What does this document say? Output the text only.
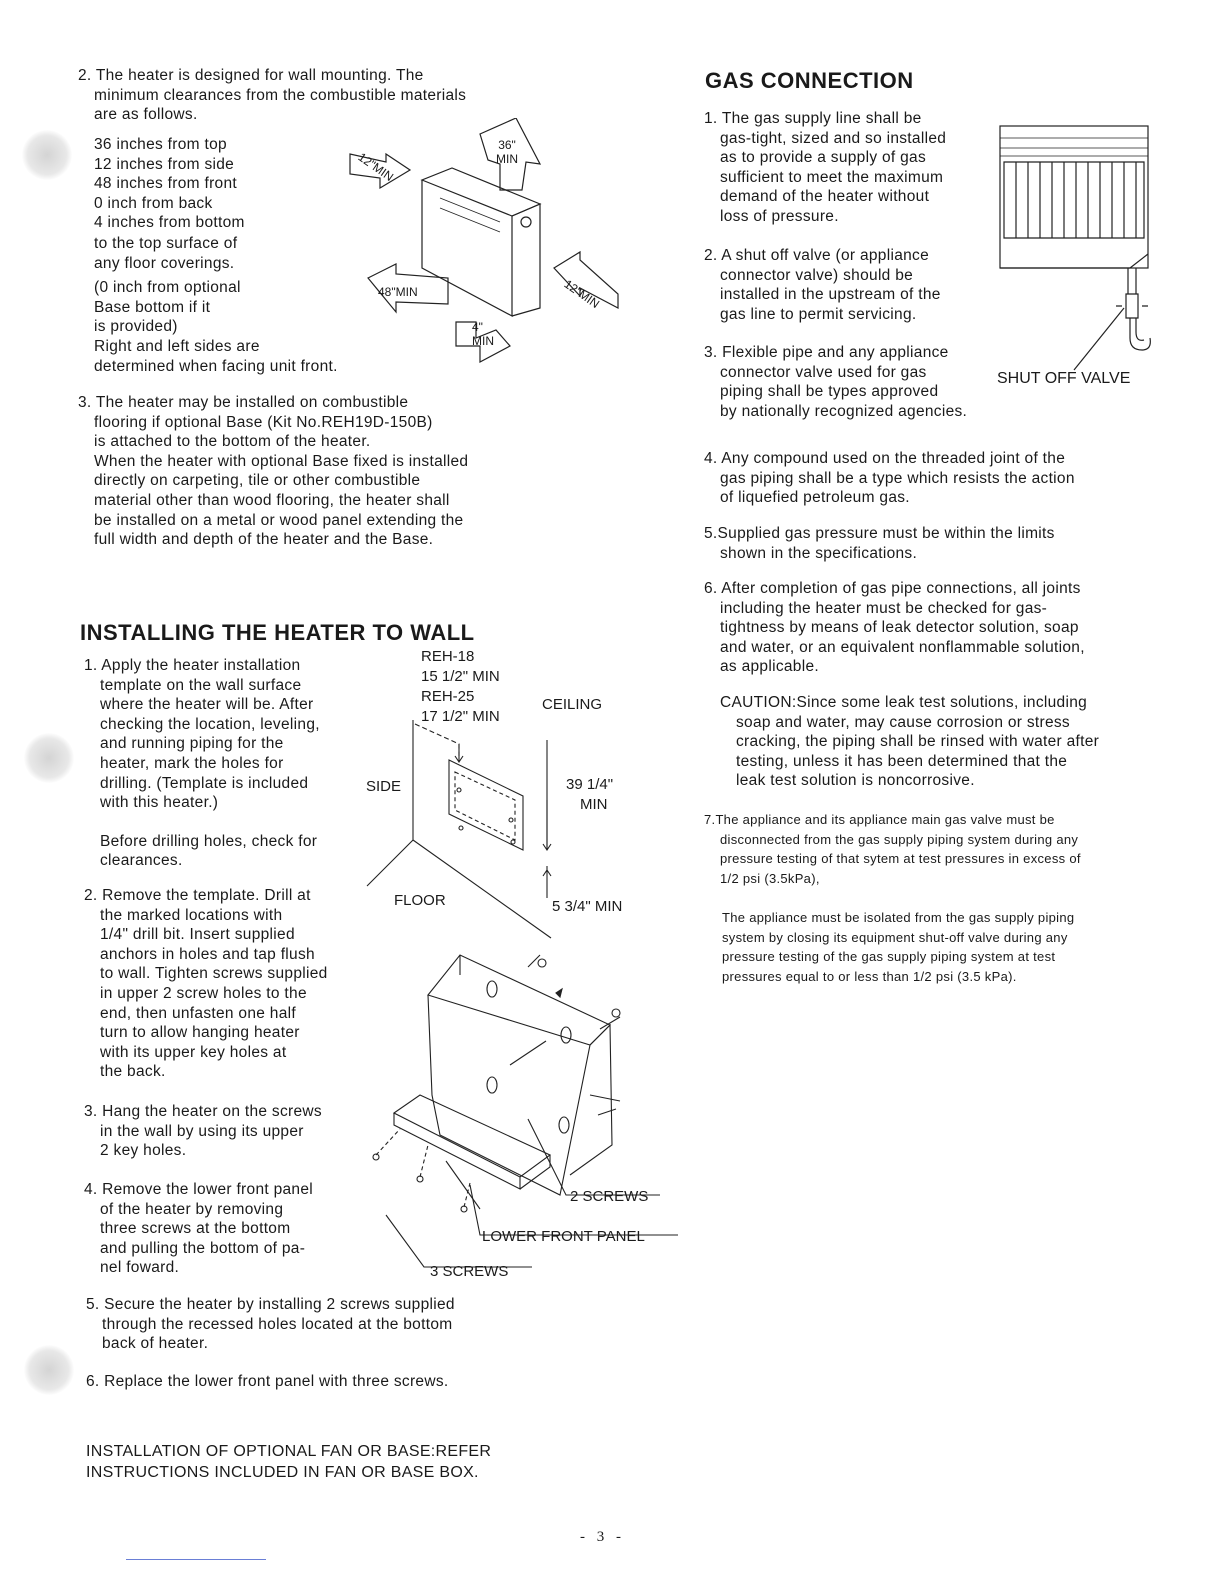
2. The heater is designed for wall mounting. The
minimum clearances from the combustible materials
are as follows.
36 inches from top
12 inches from side
48 inches from front
0 inch from back
4 inches from bottom
to the top surface of
any floor coverings.
(0 inch from optional
Base bottom if it
is provided)
Right and left sides are
determined when facing unit front.
36"
MIN
12"MIN
12"MIN
48"MIN
4"
MIN
3. The heater may be installed on combustible
flooring if optional Base (Kit No.REH19D-150B)
is attached to the bottom of the heater.
When the heater with optional Base fixed is installed
directly on carpeting, tile or other combustible
material other than wood flooring, the heater shall
be installed on a metal or wood panel extending the
full width and depth of the heater and the Base.
INSTALLING THE HEATER TO WALL
1. Apply the heater installation
template on the wall surface
where the heater will be. After
checking the location, leveling,
and running piping for the
heater, mark the holes for
drilling. (Template is included
with this heater.)
Before drilling holes, check for
clearances.
REH-18
15 1/2" MIN
REH-25
17 1/2" MIN
CEILING
SIDE	39 1/4"
MIN
FLOOR	5 3/4" MIN
2. Remove the template. Drill at
the marked locations with
1/4" drill bit. Insert supplied
anchors in holes and tap flush
to wall. Tighten screws supplied
in upper 2 screw holes to the
end, then unfasten one half
turn to allow hanging heater
with its upper key holes at
the back.
2 SCREWS
LOWER FRONT PANEL
3 SCREWS
3. Hang the heater on the screws
in the wall by using its upper
2 key holes.
4. Remove the lower front panel
of the heater by removing
three screws at the bottom
and pulling the bottom of pa-
nel foward.
5. Secure the heater by installing 2 screws supplied
through the recessed holes located at the bottom
back of heater.
6. Replace the lower front panel with three screws.
INSTALLATION OF OPTIONAL FAN OR BASE:REFER
INSTRUCTIONS INCLUDED IN FAN OR BASE BOX.
GAS CONNECTION
1. The gas supply line shall be
gas-tight, sized and so installed
as to provide a supply of gas
sufficient to meet the maximum
demand of the heater without
loss of pressure.
SHUT OFF VALVE
2. A shut off valve (or appliance
connector valve) should be
installed in the upstream of the
gas line to permit servicing.
3. Flexible pipe and any appliance
connector valve used for gas
piping shall be types approved
by nationally recognized agencies.
4. Any compound used on the threaded joint of the
gas piping shall be a type which resists the action
of liquefied petroleum gas.
5.Supplied gas pressure must be within the limits
shown in the specifications.
6. After completion of gas pipe connections, all joints
including the heater must be checked for gas-
tightness by means of leak detector solution, soap
and water, or an equivalent nonflammable solution,
as applicable.
CAUTION:Since some leak test solutions, including
soap and water, may cause corrosion or stress
cracking, the piping shall be rinsed with water after
testing, unless it has been determined that the
leak test solution is noncorrosive.
7.The appliance and its appliance main gas valve must be
disconnected from the gas supply piping system during any
pressure testing of that sytem at test pressures in excess of
1/2 psi (3.5kPa),
The appliance must be isolated from the gas supply piping
system by closing its equipment shut-off valve during any
pressure testing of the gas supply piping system at test
pressures equal to or less than 1/2 psi (3.5 kPa).
- 3 -
